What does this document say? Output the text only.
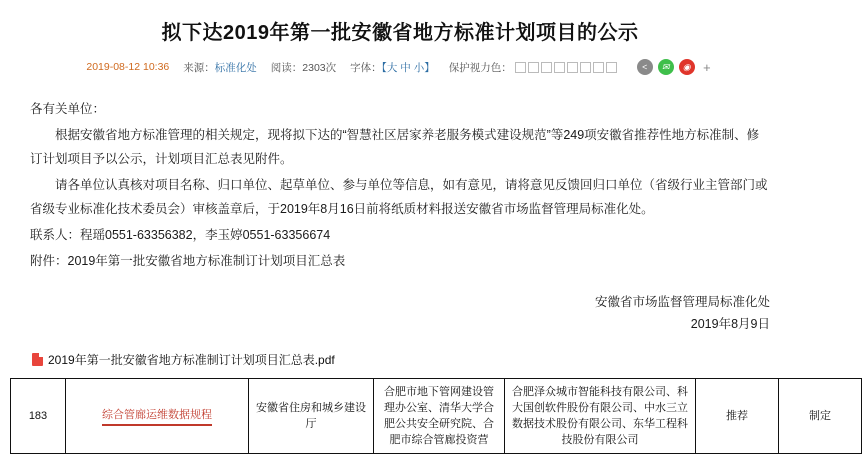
拟下达2019年第一批安徽省地方标准计划项目的公示
2019-08-12 10:36 来源：标准化处 阅读：2303次 字体：【大 中 小】 保护视力色：	<	✉	◉ +

各有关单位：

根据安徽省地方标准管理的相关规定，现将拟下达的“智慧社区居家养老服务模式建设规范”等249项安徽省推荐性地方标准制、修订计划项目予以公示，计划项目汇总表见附件。

请各单位认真核对项目名称、归口单位、起草单位、参与单位等信息，如有意见，请将意见反馈回归口单位（省级行业主管部门或省级专业标准化技术委员会）审核盖章后，于2019年8月16日前将纸质材料报送安徽省市场监督管理局标准化处。

联系人：程瑶0551-63356382，李玉婷0551-63356674

附件：2019年第一批安徽省地方标准制订计划项目汇总表

安徽省市场监督管理局标准化处
2019年8月9日
2019年第一批安徽省地方标准制订计划项目汇总表.pdf
183	综合管廊运维数据规程	安徽省住房和城乡建设厅	合肥市地下管网建设管理办公室、清华大学合肥公共安全研究院、合肥市综合管廊投资营	合肥泽众城市智能科技有限公司、科大国创软件股份有限公司、中水三立数据技术股份有限公司、东华工程科技股份有限公司	推荐	制定
